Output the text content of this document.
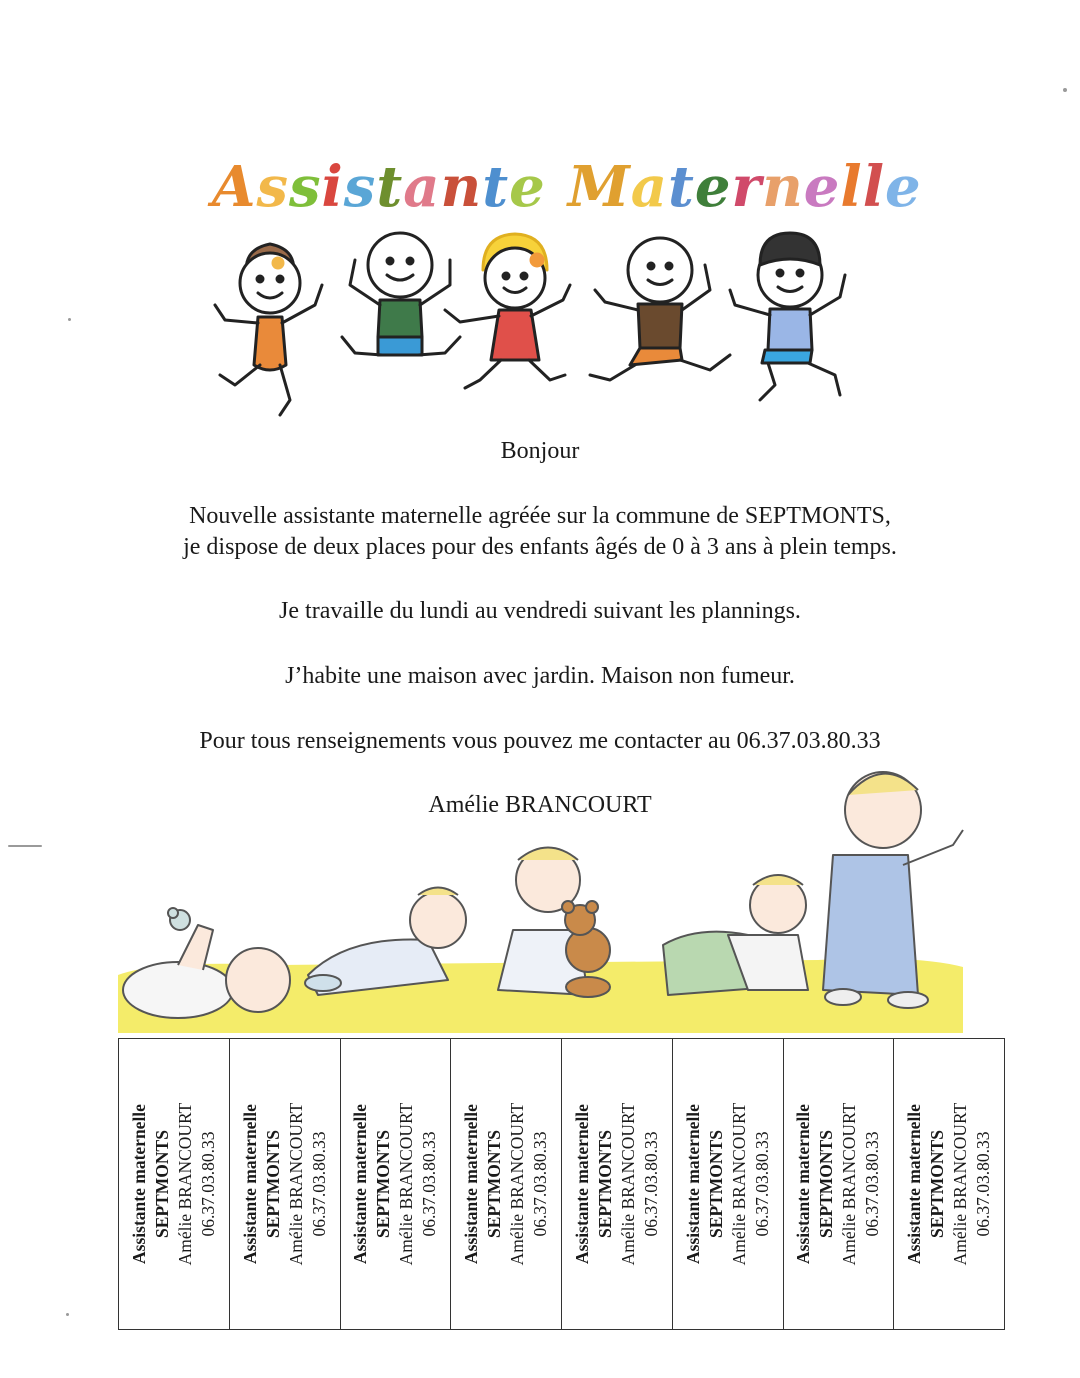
Assistante Maternelle

Bonjour

Nouvelle assistante maternelle agréée sur la commune de SEPTMONTS,

je dispose de deux places pour des enfants âgés de 0 à 3 ans à plein temps.

Je travaille du lundi au vendredi suivant les plannings.

J’habite une maison avec jardin. Maison non fumeur.

Pour tous renseignements vous pouvez me contacter au 06.37.03.80.33

Amélie BRANCOURT

Assistante maternelle SEPTMONTS Amélie BRANCOURT 06.37.03.80.33 Assistante maternelle SEPTMONTS Amélie BRANCOURT 06.37.03.80.33 Assistante maternelle SEPTMONTS Amélie BRANCOURT 06.37.03.80.33 Assistante maternelle SEPTMONTS Amélie BRANCOURT 06.37.03.80.33 Assistante maternelle SEPTMONTS Amélie BRANCOURT 06.37.03.80.33 Assistante maternelle SEPTMONTS Amélie BRANCOURT 06.37.03.80.33 Assistante maternelle SEPTMONTS Amélie BRANCOURT 06.37.03.80.33 Assistante maternelle SEPTMONTS Amélie BRANCOURT 06.37.03.80.33
